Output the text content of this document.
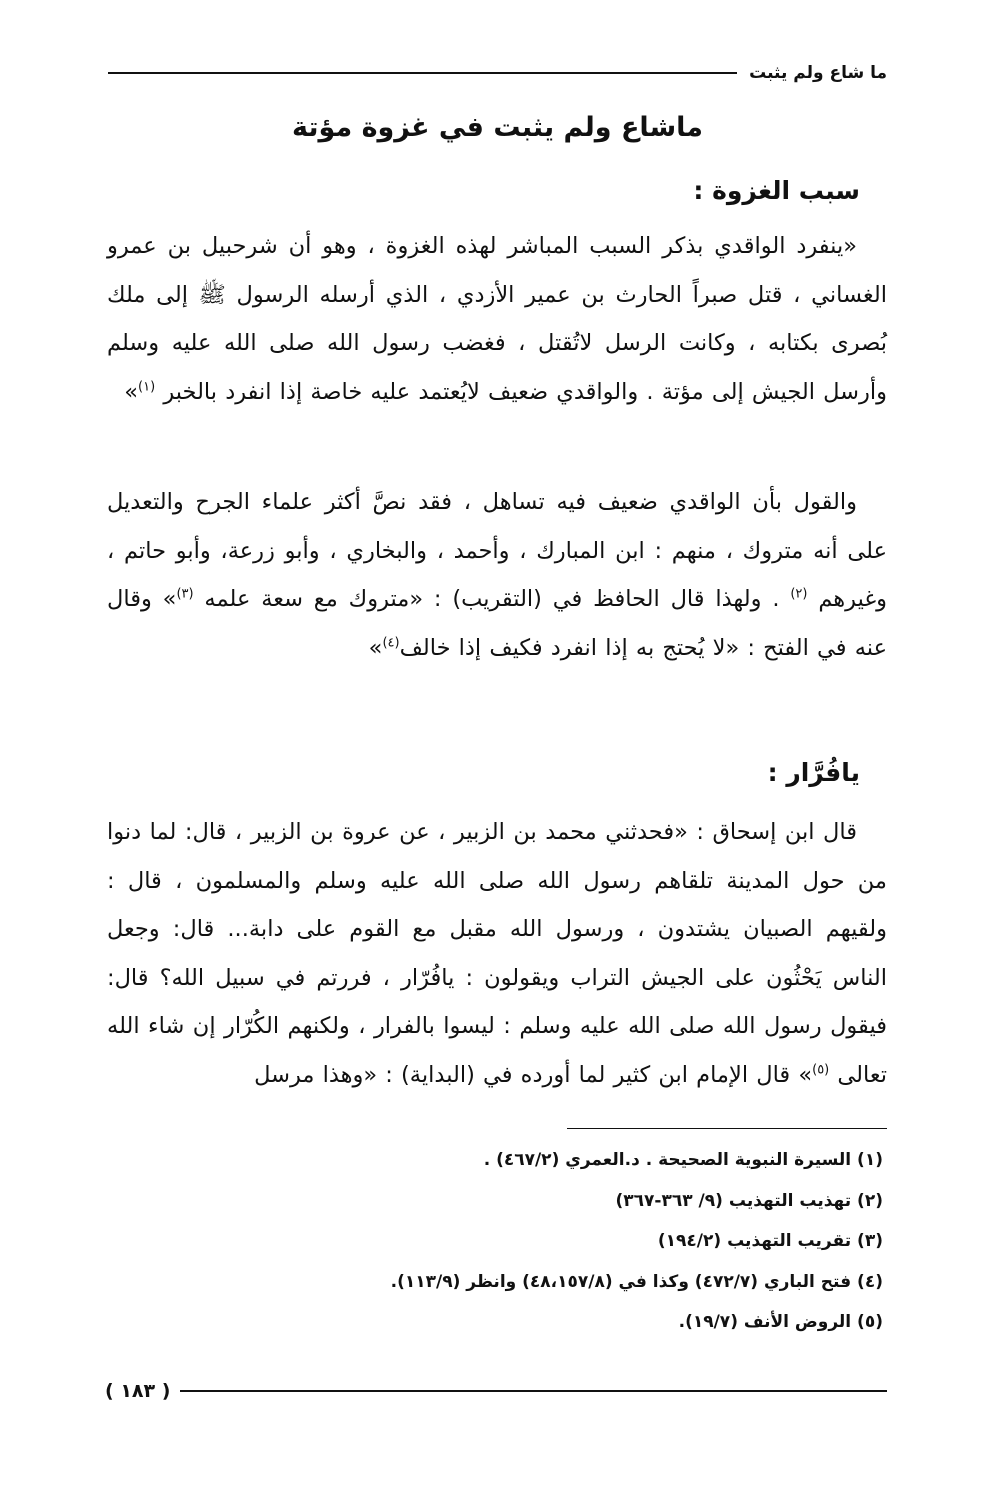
ما شاع ولم يثبت
ماشاع ولم يثبت في غزوة مؤتة
سبب الغزوة :
«ينفرد الواقدي بذكر السبب المباشر لهذه الغزوة ، وهو أن شرحبيل بن عمرو الغساني ، قتل صبراً الحارث بن عمير الأزدي ، الذي أرسله الرسول ﷺ إلى ملك بُصرى بكتابه ، وكانت الرسل لاتُقتل ، فغضب رسول الله صلى الله عليه وسلم وأرسل الجيش إلى مؤتة . والواقدي ضعيف لايُعتمد عليه خاصة إذا انفرد بالخبر $^{(١)}$»
والقول بأن الواقدي ضعيف فيه تساهل ، فقد نصَّ أكثر علماء الجرح والتعديل على أنه متروك ، منهم : ابن المبارك ، وأحمد ، والبخاري ، وأبو زرعة، وأبو حاتم ، وغيرهم $^{(٢)}$ . ولهذا قال الحافظ في (التقريب) : «متروك مع سعة علمه $^{(٣)}$» وقال عنه في الفتح : «لا يُحتج به إذا انفرد فكيف إذا خالف$^{(٤)}$»
يافُرَّار :
قال ابن إسحاق : «فحدثني محمد بن الزبير ، عن عروة بن الزبير ، قال: لما دنوا من حول المدينة تلقاهم رسول الله صلى الله عليه وسلم والمسلمون ، قال : ولقيهم الصبيان يشتدون ، ورسول الله مقبل مع القوم على دابة... قال: وجعل الناس يَحْثُون على الجيش التراب ويقولون : يافُرّار ، فررتم في سبيل الله؟ قال: فيقول رسول الله صلى الله عليه وسلم : ليسوا بالفرار ، ولكنهم الكُرّار إن شاء الله تعالى $^{(٥)}$» قال الإمام ابن كثير لما أورده في (البداية) : «وهذا مرسل
(١) السيرة النبوية الصحيحة . د.العمري (٤٦٧/٢) .
(٢) تهذيب التهذيب (٩/ ٣٦٣-٣٦٧)
(٣) تقريب التهذيب (١٩٤/٢)
(٤) فتح الباري (٤٧٢/٧) وكذا في (٤٨،١٥٧/٨) وانظر (١١٣/٩).
(٥) الروض الأنف (١٩/٧).
( ١٨٣ )
